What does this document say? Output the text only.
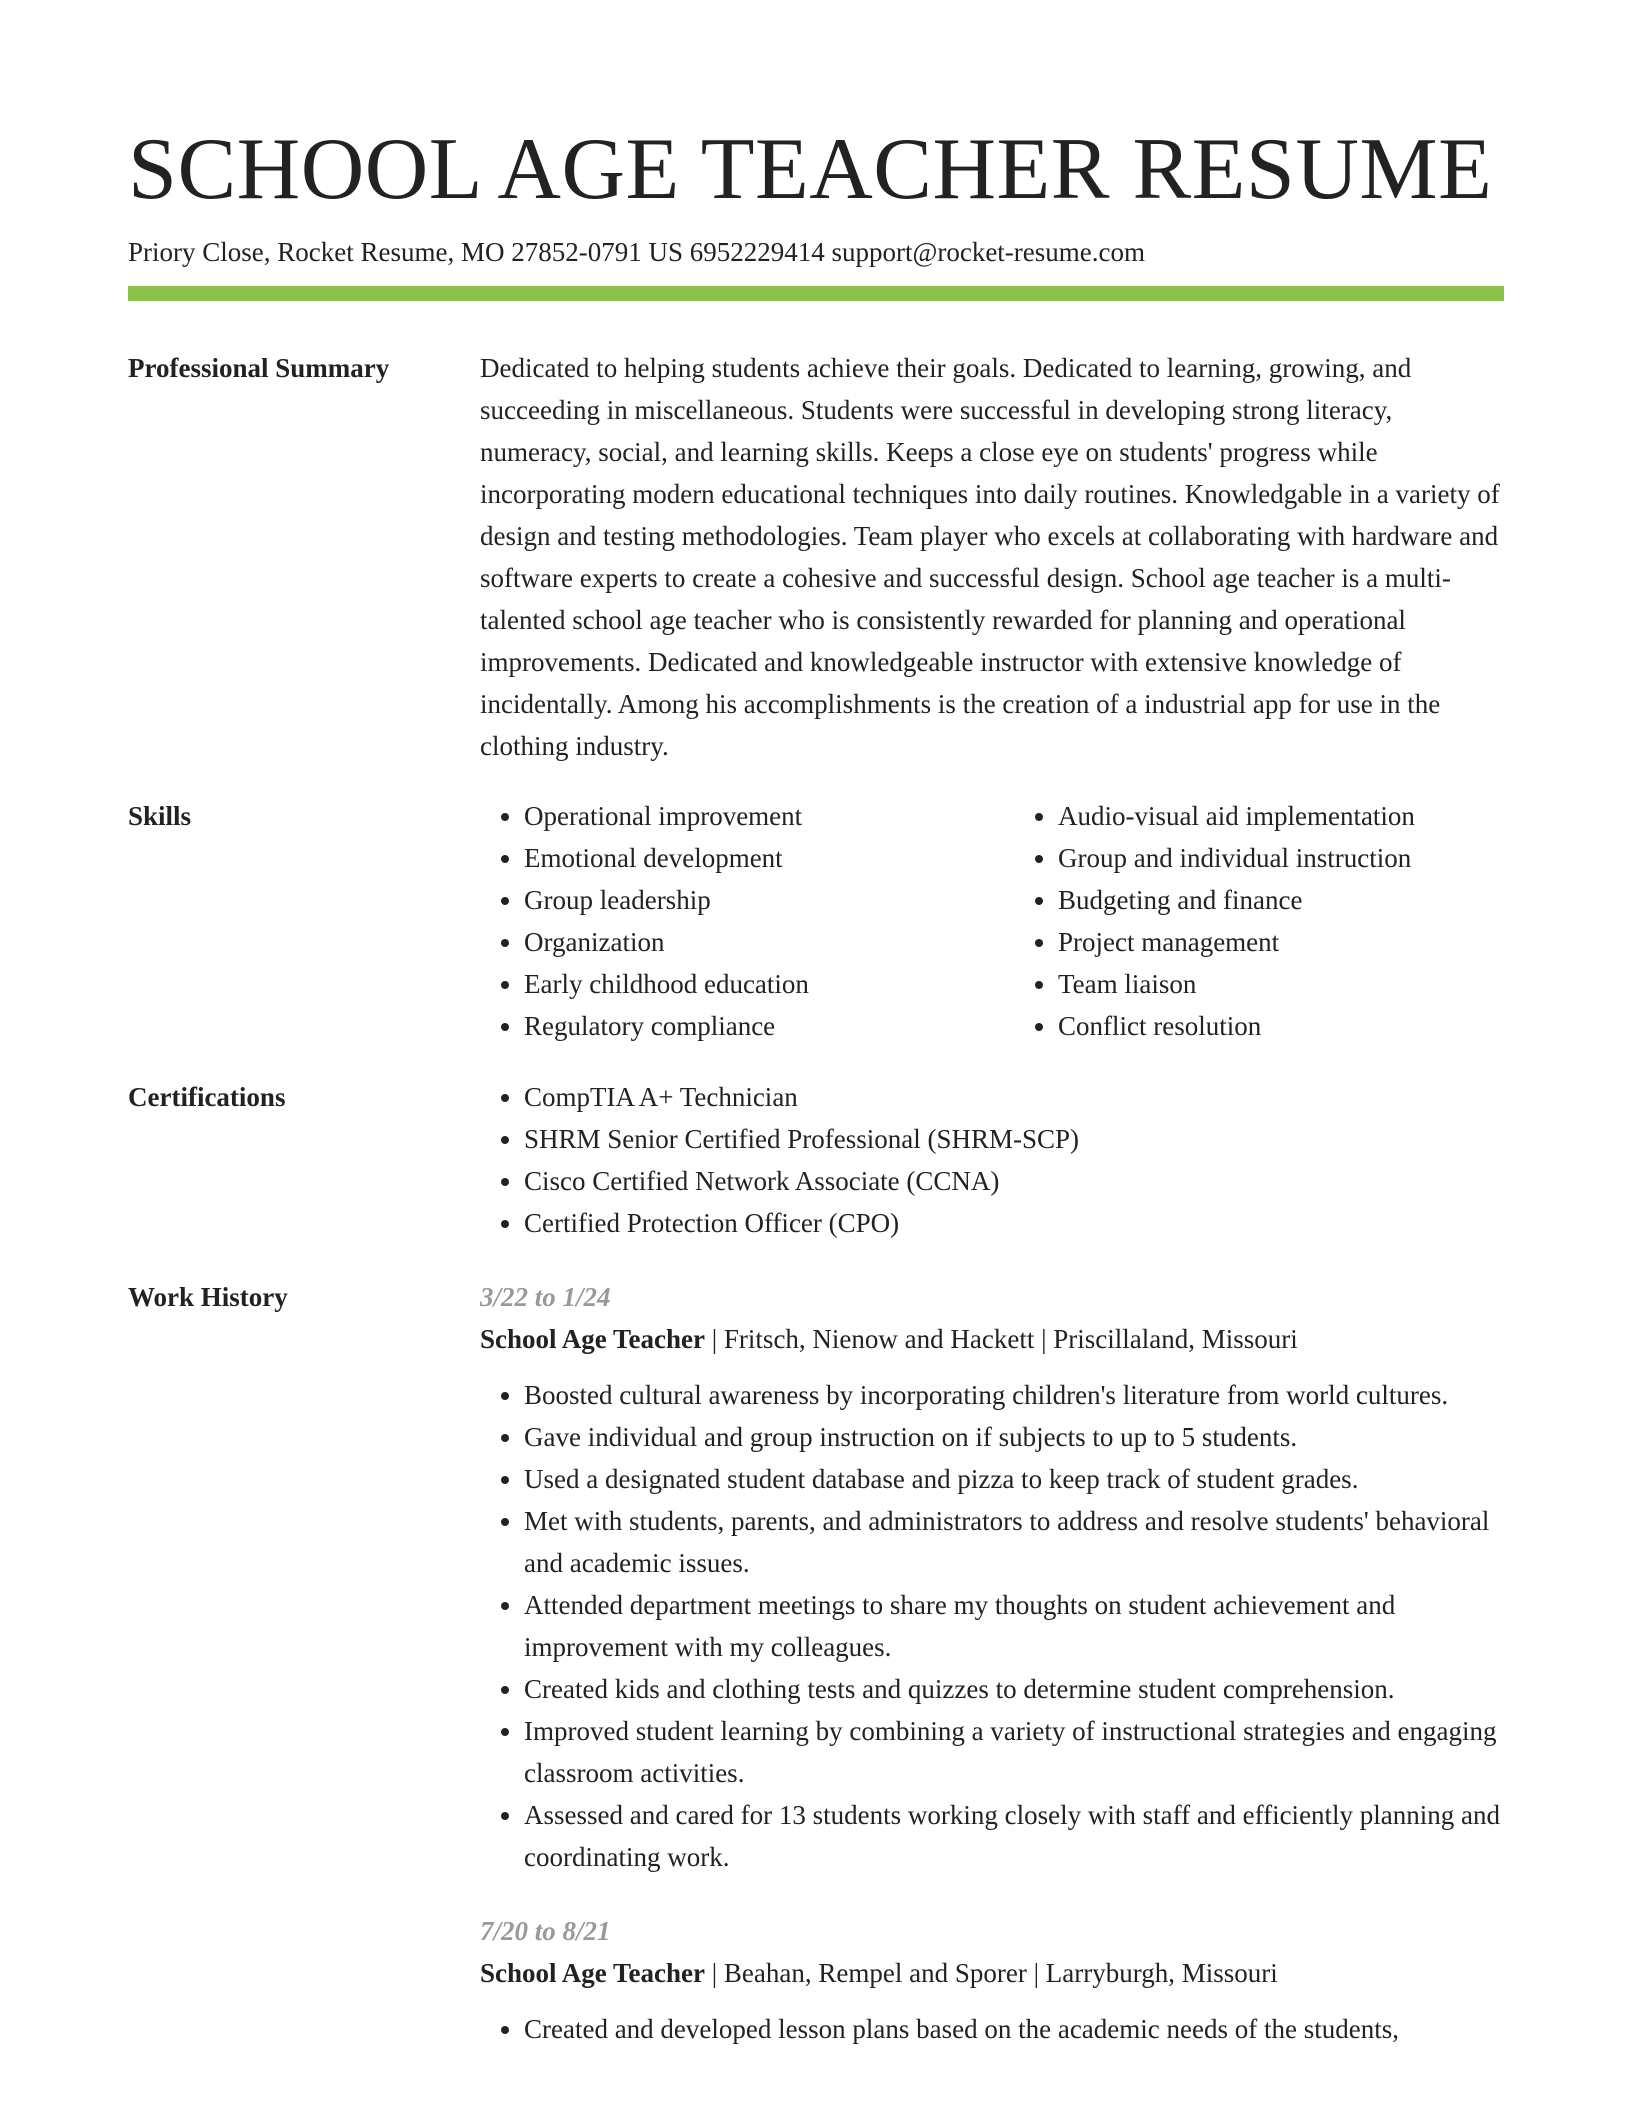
SCHOOL AGE TEACHER RESUME
Priory Close, Rocket Resume, MO 27852-0791 US 6952229414 support@rocket-resume.com
Professional Summary	Dedicated to helping students achieve their goals. Dedicated to learning, growing, and succeeding in miscellaneous. Students were successful in developing strong literacy, numeracy, social, and learning skills. Keeps a close eye on students' progress while incorporating modern educational techniques into daily routines. Knowledgable in a variety of design and testing methodologies. Team player who excels at collaborating with hardware and software experts to create a cohesive and successful design. School age teacher is a multi-talented school age teacher who is consistently rewarded for planning and operational improvements. Dedicated and knowledgeable instructor with extensive knowledge of incidentally. Among his accomplishments is the creation of a industrial app for use in the clothing industry.

Skills	• Operational improvement
• Emotional development
• Group leadership
• Organization
• Early childhood education
• Regulatory compliance
• Audio-visual aid implementation
• Group and individual instruction
• Budgeting and finance
• Project management
• Team liaison
• Conflict resolution
Certifications	• CompTIA A+ Technician
• SHRM Senior Certified Professional (SHRM-SCP)
• Cisco Certified Network Associate (CCNA)
• Certified Protection Officer (CPO)
Work History	3/22 to 1/24
School Age Teacher | Fritsch, Nienow and Hackett | Priscillaland, Missouri
• Boosted cultural awareness by incorporating children's literature from world cultures.
• Gave individual and group instruction on if subjects to up to 5 students.
• Used a designated student database and pizza to keep track of student grades.
• Met with students, parents, and administrators to address and resolve students' behavioral and academic issues.
• Attended department meetings to share my thoughts on student achievement and improvement with my colleagues.
• Created kids and clothing tests and quizzes to determine student comprehension.
• Improved student learning by combining a variety of instructional strategies and engaging classroom activities.
• Assessed and cared for 13 students working closely with staff and efficiently planning and coordinating work.
7/20 to 8/21
School Age Teacher | Beahan, Rempel and Sporer | Larryburgh, Missouri
• Created and developed lesson plans based on the academic needs of the students,
